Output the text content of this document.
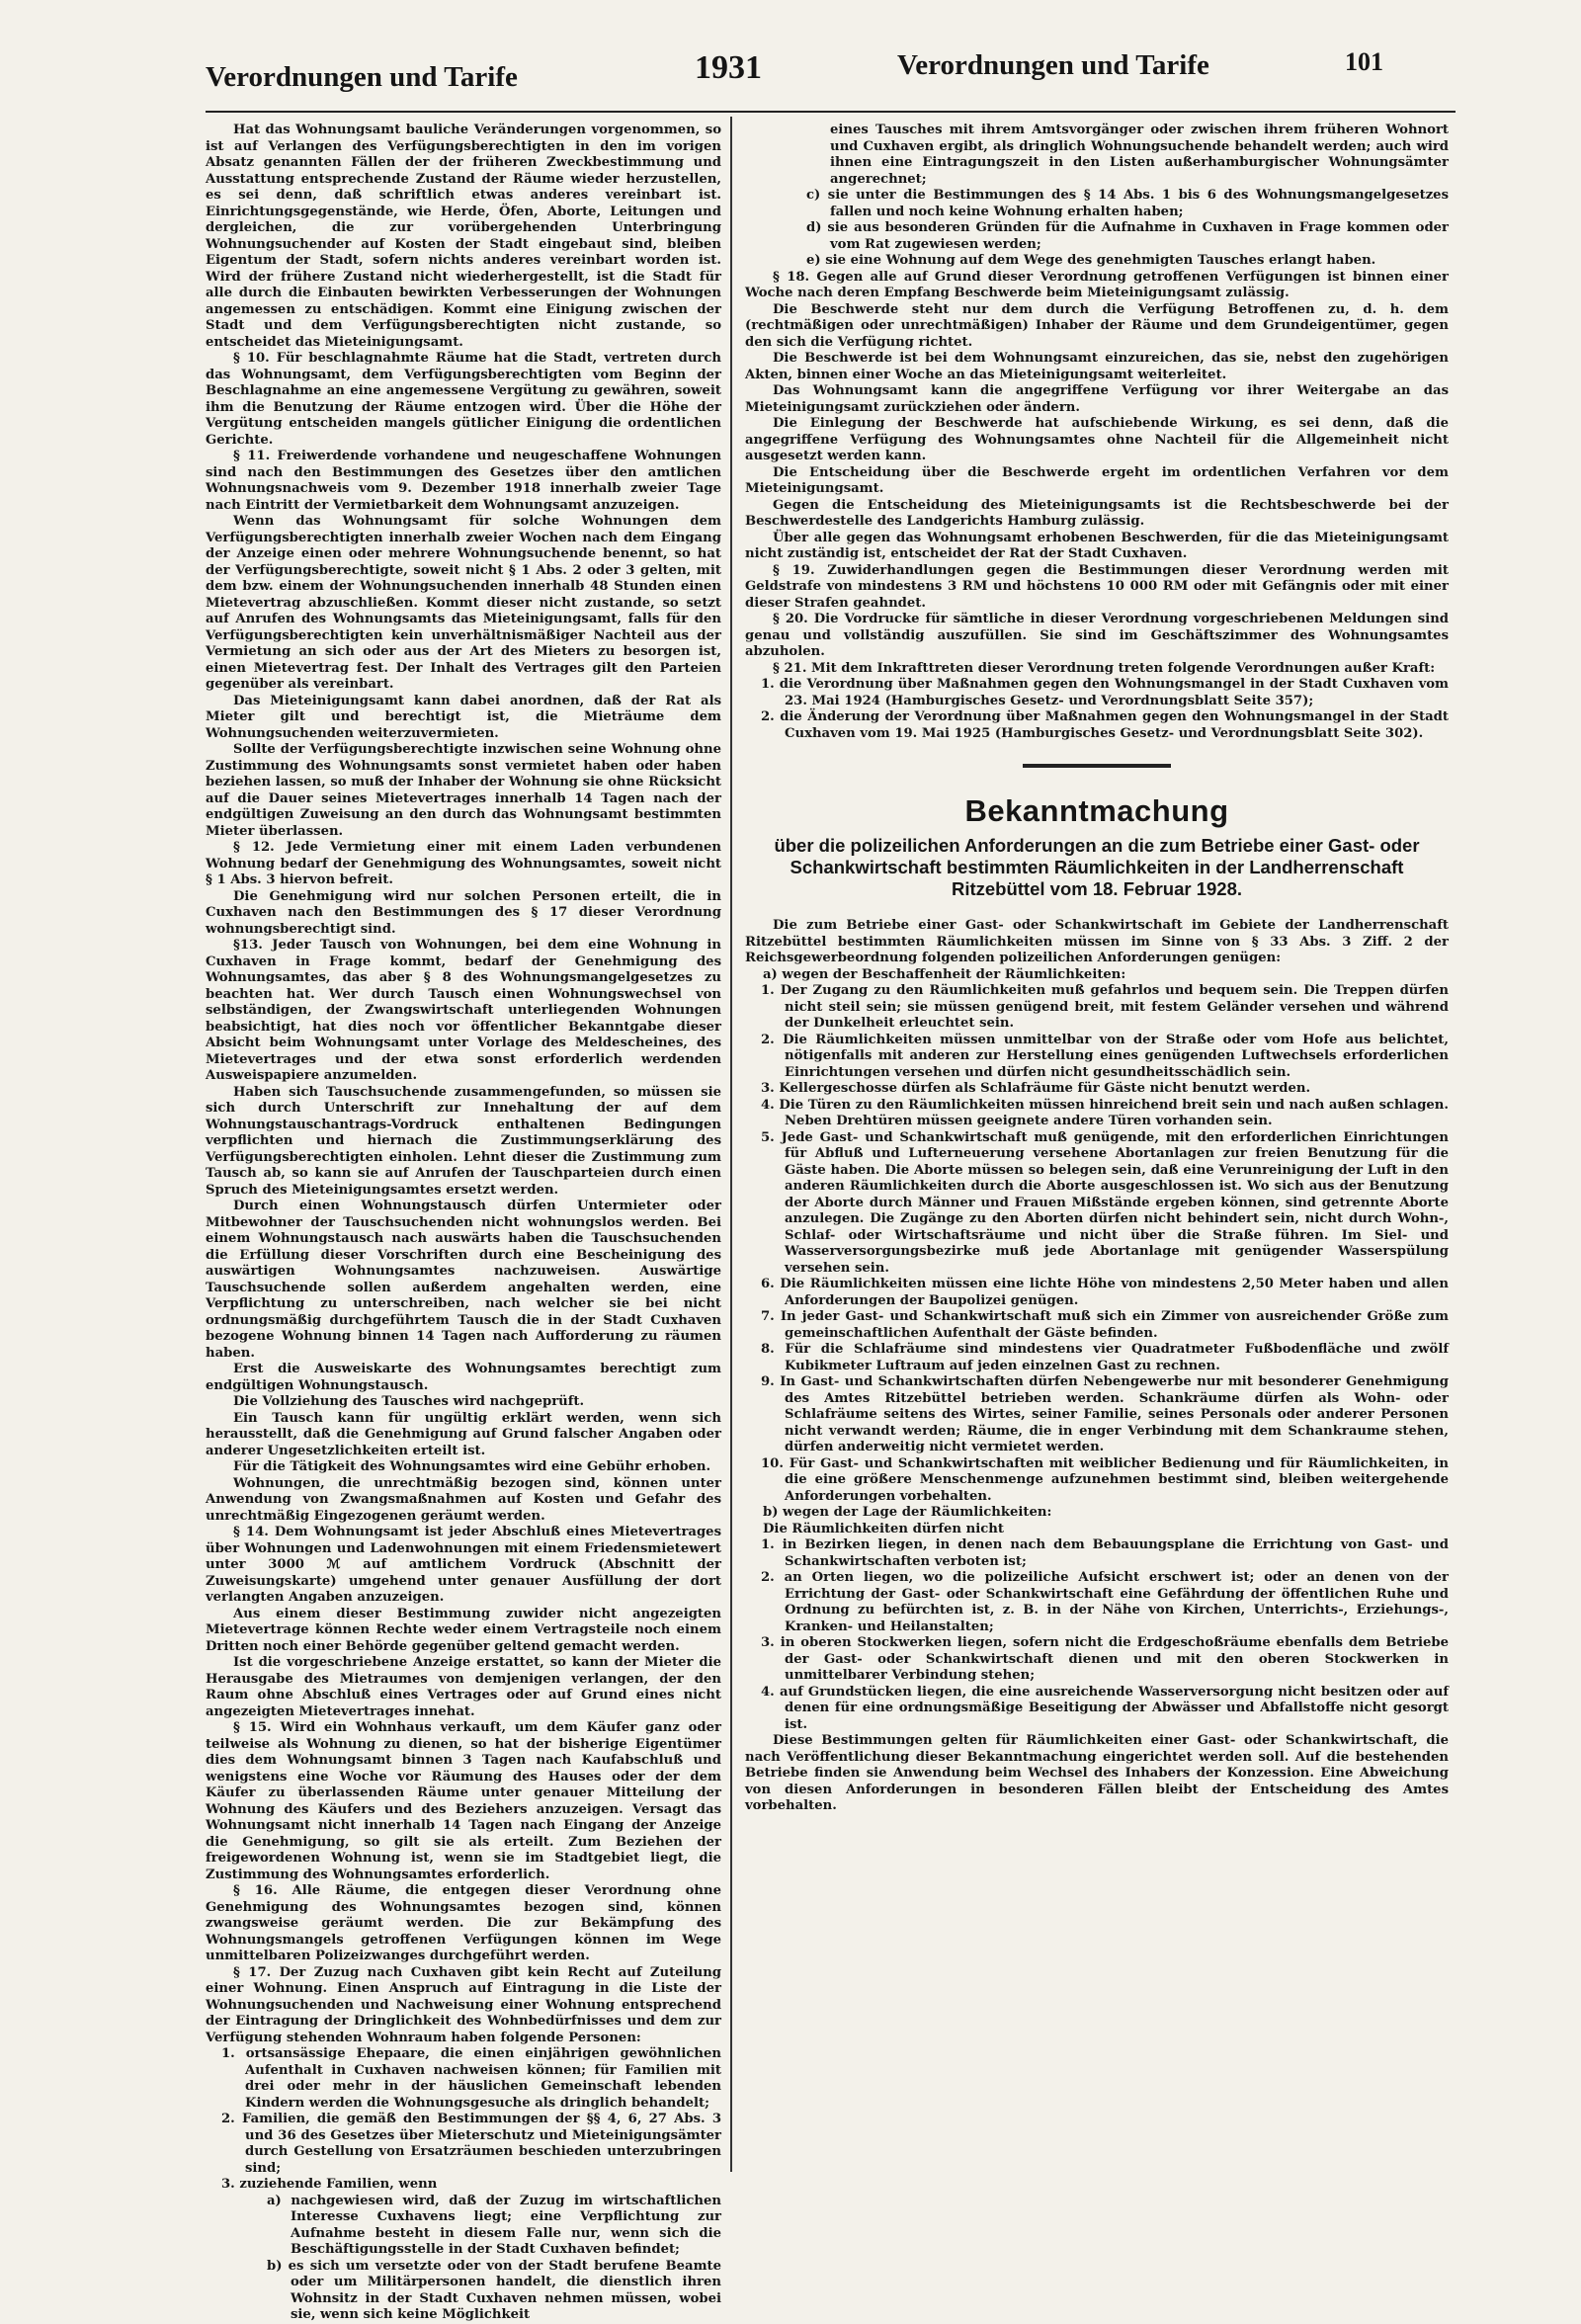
Verordnungen und Tarife	1931	Verordnungen und Tarife	101

Hat das Wohnungsamt bauliche Veränderungen vorgenommen, so ist auf Verlangen des Verfügungsberechtigten in den im vorigen Absatz genannten Fällen der der früheren Zweckbestimmung und Ausstattung entsprechende Zustand der Räume wieder herzustellen, es sei denn, daß schriftlich etwas anderes vereinbart ist. Einrichtungsgegenstände, wie Herde, Öfen, Aborte, Leitungen und dergleichen, die zur vorübergehenden Unterbringung Wohnungsuchender auf Kosten der Stadt eingebaut sind, bleiben Eigentum der Stadt, sofern nichts anderes vereinbart worden ist. Wird der frühere Zustand nicht wiederhergestellt, ist die Stadt für alle durch die Einbauten bewirkten Verbesserungen der Wohnungen angemessen zu entschädigen. Kommt eine Einigung zwischen der Stadt und dem Verfügungsberechtigten nicht zustande, so entscheidet das Mieteinigungsamt.

§ 10. Für beschlagnahmte Räume hat die Stadt, vertreten durch das Wohnungsamt, dem Verfügungsberechtigten vom Beginn der Beschlagnahme an eine angemessene Vergütung zu gewähren, soweit ihm die Benutzung der Räume entzogen wird. Über die Höhe der Vergütung entscheiden mangels gütlicher Einigung die ordentlichen Gerichte.

§ 11. Freiwerdende vorhandene und neugeschaffene Wohnungen sind nach den Bestimmungen des Gesetzes über den amtlichen Wohnungsnachweis vom 9. Dezember 1918 innerhalb zweier Tage nach Eintritt der Vermietbarkeit dem Wohnungsamt anzuzeigen.

Wenn das Wohnungsamt für solche Wohnungen dem Verfügungsberechtigten innerhalb zweier Wochen nach dem Eingang der Anzeige einen oder mehrere Wohnungsuchende benennt, so hat der Verfügungsberechtigte, soweit nicht § 1 Abs. 2 oder 3 gelten, mit dem bzw. einem der Wohnungsuchenden innerhalb 48 Stunden einen Mietevertrag abzuschließen. Kommt dieser nicht zustande, so setzt auf Anrufen des Wohnungsamts das Mieteinigungsamt, falls für den Verfügungsberechtigten kein unverhältnismäßiger Nachteil aus der Vermietung an sich oder aus der Art des Mieters zu besorgen ist, einen Mietevertrag fest. Der Inhalt des Vertrages gilt den Parteien gegenüber als vereinbart.

Das Mieteinigungsamt kann dabei anordnen, daß der Rat als Mieter gilt und berechtigt ist, die Mieträume dem Wohnungsuchenden weiterzuvermieten.

Sollte der Verfügungsberechtigte inzwischen seine Wohnung ohne Zustimmung des Wohnungsamts sonst vermietet haben oder haben beziehen lassen, so muß der Inhaber der Wohnung sie ohne Rücksicht auf die Dauer seines Mietevertrages innerhalb 14 Tagen nach der endgültigen Zuweisung an den durch das Wohnungsamt bestimmten Mieter überlassen.

§ 12. Jede Vermietung einer mit einem Laden verbundenen Wohnung bedarf der Genehmigung des Wohnungsamtes, soweit nicht § 1 Abs. 3 hiervon befreit.

Die Genehmigung wird nur solchen Personen erteilt, die in Cuxhaven nach den Bestimmungen des § 17 dieser Verordnung wohnungsberechtigt sind.

§13. Jeder Tausch von Wohnungen, bei dem eine Wohnung in Cuxhaven in Frage kommt, bedarf der Genehmigung des Wohnungsamtes, das aber § 8 des Wohnungsmangelgesetzes zu beachten hat. Wer durch Tausch einen Wohnungswechsel von selbständigen, der Zwangswirtschaft unterliegenden Wohnungen beabsichtigt, hat dies noch vor öffentlicher Bekanntgabe dieser Absicht beim Wohnungsamt unter Vorlage des Meldescheines, des Mietevertrages und der etwa sonst erforderlich werdenden Ausweispapiere anzumelden.

Haben sich Tauschsuchende zusammengefunden, so müssen sie sich durch Unterschrift zur Innehaltung der auf dem Wohnungstauschantrags-Vordruck enthaltenen Bedingungen verpflichten und hiernach die Zustimmungserklärung des Verfügungsberechtigten einholen. Lehnt dieser die Zustimmung zum Tausch ab, so kann sie auf Anrufen der Tauschparteien durch einen Spruch des Mieteinigungsamtes ersetzt werden.

Durch einen Wohnungstausch dürfen Untermieter oder Mitbewohner der Tauschsuchenden nicht wohnungslos werden. Bei einem Wohnungstausch nach auswärts haben die Tauschsuchenden die Erfüllung dieser Vorschriften durch eine Bescheinigung des auswärtigen Wohnungsamtes nachzuweisen. Auswärtige Tauschsuchende sollen außerdem angehalten werden, eine Verpflichtung zu unterschreiben, nach welcher sie bei nicht ordnungsmäßig durchgeführtem Tausch die in der Stadt Cuxhaven bezogene Wohnung binnen 14 Tagen nach Aufforderung zu räumen haben.

Erst die Ausweiskarte des Wohnungsamtes berechtigt zum endgültigen Wohnungstausch.

Die Vollziehung des Tausches wird nachgeprüft.

Ein Tausch kann für ungültig erklärt werden, wenn sich herausstellt, daß die Genehmigung auf Grund falscher Angaben oder anderer Ungesetzlichkeiten erteilt ist.

Für die Tätigkeit des Wohnungsamtes wird eine Gebühr erhoben.

Wohnungen, die unrechtmäßig bezogen sind, können unter Anwendung von Zwangsmaßnahmen auf Kosten und Gefahr des unrechtmäßig Eingezogenen geräumt werden.

§ 14. Dem Wohnungsamt ist jeder Abschluß eines Mietevertrages über Wohnungen und Ladenwohnungen mit einem Friedensmietewert unter 3000 ℳ auf amtlichem Vordruck (Abschnitt der Zuweisungskarte) umgehend unter genauer Ausfüllung der dort verlangten Angaben anzuzeigen.

Aus einem dieser Bestimmung zuwider nicht angezeigten Mietevertrage können Rechte weder einem Vertragsteile noch einem Dritten noch einer Behörde gegenüber geltend gemacht werden.

Ist die vorgeschriebene Anzeige erstattet, so kann der Mieter die Herausgabe des Mietraumes von demjenigen verlangen, der den Raum ohne Abschluß eines Vertrages oder auf Grund eines nicht angezeigten Mietevertrages innehat.

§ 15. Wird ein Wohnhaus verkauft, um dem Käufer ganz oder teilweise als Wohnung zu dienen, so hat der bisherige Eigentümer dies dem Wohnungsamt binnen 3 Tagen nach Kaufabschluß und wenigstens eine Woche vor Räumung des Hauses oder der dem Käufer zu überlassenden Räume unter genauer Mitteilung der Wohnung des Käufers und des Beziehers anzuzeigen. Versagt das Wohnungsamt nicht innerhalb 14 Tagen nach Eingang der Anzeige die Genehmigung, so gilt sie als erteilt. Zum Beziehen der freigewordenen Wohnung ist, wenn sie im Stadtgebiet liegt, die Zustimmung des Wohnungsamtes erforderlich.

§ 16. Alle Räume, die entgegen dieser Verordnung ohne Genehmigung des Wohnungsamtes bezogen sind, können zwangsweise geräumt werden. Die zur Bekämpfung des Wohnungsmangels getroffenen Verfügungen können im Wege unmittelbaren Polizeizwanges durchgeführt werden.

§ 17. Der Zuzug nach Cuxhaven gibt kein Recht auf Zuteilung einer Wohnung. Einen Anspruch auf Eintragung in die Liste der Wohnungsuchenden und Nachweisung einer Wohnung entsprechend der Eintragung der Dringlichkeit des Wohnbedürfnisses und dem zur Verfügung stehenden Wohnraum haben folgende Personen:

1. ortsansässige Ehepaare, die einen einjährigen gewöhnlichen Aufenthalt in Cuxhaven nachweisen können; für Familien mit drei oder mehr in der häuslichen Gemeinschaft lebenden Kindern werden die Wohnungsgesuche als dringlich behandelt;

2. Familien, die gemäß den Bestimmungen der §§ 4, 6, 27 Abs. 3 und 36 des Gesetzes über Mieterschutz und Mieteinigungsämter durch Gestellung von Ersatzräumen beschieden unterzubringen sind;

3. zuziehende Familien, wenn

a) nachgewiesen wird, daß der Zuzug im wirtschaftlichen Interesse Cuxhavens liegt; eine Verpflichtung zur Aufnahme besteht in diesem Falle nur, wenn sich die Beschäftigungsstelle in der Stadt Cuxhaven befindet;

b) es sich um versetzte oder von der Stadt berufene Beamte oder um Militärpersonen handelt, die dienstlich ihren Wohnsitz in der Stadt Cuxhaven nehmen müssen, wobei sie, wenn sich keine Möglichkeit

eines Tausches mit ihrem Amtsvorgänger oder zwischen ihrem früheren Wohnort und Cuxhaven ergibt, als dringlich Wohnungsuchende behandelt werden; auch wird ihnen eine Eintragungszeit in den Listen außerhamburgischer Wohnungsämter angerechnet;

c) sie unter die Bestimmungen des § 14 Abs. 1 bis 6 des Wohnungsmangelgesetzes fallen und noch keine Wohnung erhalten haben;

d) sie aus besonderen Gründen für die Aufnahme in Cuxhaven in Frage kommen oder vom Rat zugewiesen werden;

e) sie eine Wohnung auf dem Wege des genehmigten Tausches erlangt haben.

§ 18. Gegen alle auf Grund dieser Verordnung getroffenen Verfügungen ist binnen einer Woche nach deren Empfang Beschwerde beim Mieteinigungsamt zulässig.

Die Beschwerde steht nur dem durch die Verfügung Betroffenen zu, d. h. dem (rechtmäßigen oder unrechtmäßigen) Inhaber der Räume und dem Grundeigentümer, gegen den sich die Verfügung richtet.

Die Beschwerde ist bei dem Wohnungsamt einzureichen, das sie, nebst den zugehörigen Akten, binnen einer Woche an das Mieteinigungsamt weiterleitet.

Das Wohnungsamt kann die angegriffene Verfügung vor ihrer Weitergabe an das Mieteinigungsamt zurückziehen oder ändern.

Die Einlegung der Beschwerde hat aufschiebende Wirkung, es sei denn, daß die angegriffene Verfügung des Wohnungsamtes ohne Nachteil für die Allgemeinheit nicht ausgesetzt werden kann.

Die Entscheidung über die Beschwerde ergeht im ordentlichen Verfahren vor dem Mieteinigungsamt.

Gegen die Entscheidung des Mieteinigungsamts ist die Rechtsbeschwerde bei der Beschwerdestelle des Landgerichts Hamburg zulässig.

Über alle gegen das Wohnungsamt erhobenen Beschwerden, für die das Mieteinigungsamt nicht zuständig ist, entscheidet der Rat der Stadt Cuxhaven.

§ 19. Zuwiderhandlungen gegen die Bestimmungen dieser Verordnung werden mit Geldstrafe von mindestens 3 RM und höchstens 10 000 RM oder mit Gefängnis oder mit einer dieser Strafen geahndet.

§ 20. Die Vordrucke für sämtliche in dieser Verordnung vorgeschriebenen Meldungen sind genau und vollständig auszufüllen. Sie sind im Geschäftszimmer des Wohnungsamtes abzuholen.

§ 21. Mit dem Inkrafttreten dieser Verordnung treten folgende Verordnungen außer Kraft:

1. die Verordnung über Maßnahmen gegen den Wohnungsmangel in der Stadt Cuxhaven vom 23. Mai 1924 (Hamburgisches Gesetz- und Verordnungsblatt Seite 357);

2. die Änderung der Verordnung über Maßnahmen gegen den Wohnungsmangel in der Stadt Cuxhaven vom 19. Mai 1925 (Hamburgisches Gesetz- und Verordnungsblatt Seite 302).

Bekanntmachung

über die polizeilichen Anforderungen an die zum Betriebe einer Gast- oder Schankwirtschaft bestimmten Räumlichkeiten in der Landherrenschaft Ritzebüttel vom 18. Februar 1928.

Die zum Betriebe einer Gast- oder Schankwirtschaft im Gebiete der Landherrenschaft Ritzebüttel bestimmten Räumlichkeiten müssen im Sinne von § 33 Abs. 3 Ziff. 2 der Reichsgewerbeordnung folgenden polizeilichen Anforderungen genügen:

a) wegen der Beschaffenheit der Räumlichkeiten:

1. Der Zugang zu den Räumlichkeiten muß gefahrlos und bequem sein. Die Treppen dürfen nicht steil sein; sie müssen genügend breit, mit festem Geländer versehen und während der Dunkelheit erleuchtet sein.

2. Die Räumlichkeiten müssen unmittelbar von der Straße oder vom Hofe aus belichtet, nötigenfalls mit anderen zur Herstellung eines genügenden Luftwechsels erforderlichen Einrichtungen versehen und dürfen nicht gesundheitsschädlich sein.

3. Kellergeschosse dürfen als Schlafräume für Gäste nicht benutzt werden.

4. Die Türen zu den Räumlichkeiten müssen hinreichend breit sein und nach außen schlagen. Neben Drehtüren müssen geeignete andere Türen vorhanden sein.

5. Jede Gast- und Schankwirtschaft muß genügende, mit den erforderlichen Einrichtungen für Abfluß und Lufterneuerung versehene Abortanlagen zur freien Benutzung für die Gäste haben. Die Aborte müssen so belegen sein, daß eine Verunreinigung der Luft in den anderen Räumlichkeiten durch die Aborte ausgeschlossen ist. Wo sich aus der Benutzung der Aborte durch Männer und Frauen Mißstände ergeben können, sind getrennte Aborte anzulegen. Die Zugänge zu den Aborten dürfen nicht behindert sein, nicht durch Wohn-, Schlaf- oder Wirtschaftsräume und nicht über die Straße führen. Im Siel- und Wasserversorgungsbezirke muß jede Abortanlage mit genügender Wasserspülung versehen sein.

6. Die Räumlichkeiten müssen eine lichte Höhe von mindestens 2,50 Meter haben und allen Anforderungen der Baupolizei genügen.

7. In jeder Gast- und Schankwirtschaft muß sich ein Zimmer von ausreichender Größe zum gemeinschaftlichen Aufenthalt der Gäste befinden.

8. Für die Schlafräume sind mindestens vier Quadratmeter Fußbodenfläche und zwölf Kubikmeter Luftraum auf jeden einzelnen Gast zu rechnen.

9. In Gast- und Schankwirtschaften dürfen Nebengewerbe nur mit besonderer Genehmigung des Amtes Ritzebüttel betrieben werden. Schankräume dürfen als Wohn- oder Schlafräume seitens des Wirtes, seiner Familie, seines Personals oder anderer Personen nicht verwandt werden; Räume, die in enger Verbindung mit dem Schankraume stehen, dürfen anderweitig nicht vermietet werden.

10. Für Gast- und Schankwirtschaften mit weiblicher Bedienung und für Räumlichkeiten, in die eine größere Menschenmenge aufzunehmen bestimmt sind, bleiben weitergehende Anforderungen vorbehalten.

b) wegen der Lage der Räumlichkeiten:

Die Räumlichkeiten dürfen nicht

1. in Bezirken liegen, in denen nach dem Bebauungsplane die Errichtung von Gast- und Schankwirtschaften verboten ist;

2. an Orten liegen, wo die polizeiliche Aufsicht erschwert ist; oder an denen von der Errichtung der Gast- oder Schankwirtschaft eine Gefährdung der öffentlichen Ruhe und Ordnung zu befürchten ist, z. B. in der Nähe von Kirchen, Unterrichts-, Erziehungs-, Kranken- und Heilanstalten;

3. in oberen Stockwerken liegen, sofern nicht die Erdgeschoßräume ebenfalls dem Betriebe der Gast- oder Schankwirtschaft dienen und mit den oberen Stockwerken in unmittelbarer Verbindung stehen;

4. auf Grundstücken liegen, die eine ausreichende Wasserversorgung nicht besitzen oder auf denen für eine ordnungsmäßige Beseitigung der Abwässer und Abfallstoffe nicht gesorgt ist.

Diese Bestimmungen gelten für Räumlichkeiten einer Gast- oder Schankwirtschaft, die nach Veröffentlichung dieser Bekanntmachung eingerichtet werden soll. Auf die bestehenden Betriebe finden sie Anwendung beim Wechsel des Inhabers der Konzession. Eine Abweichung von diesen Anforderungen in besonderen Fällen bleibt der Entscheidung des Amtes vorbehalten.
